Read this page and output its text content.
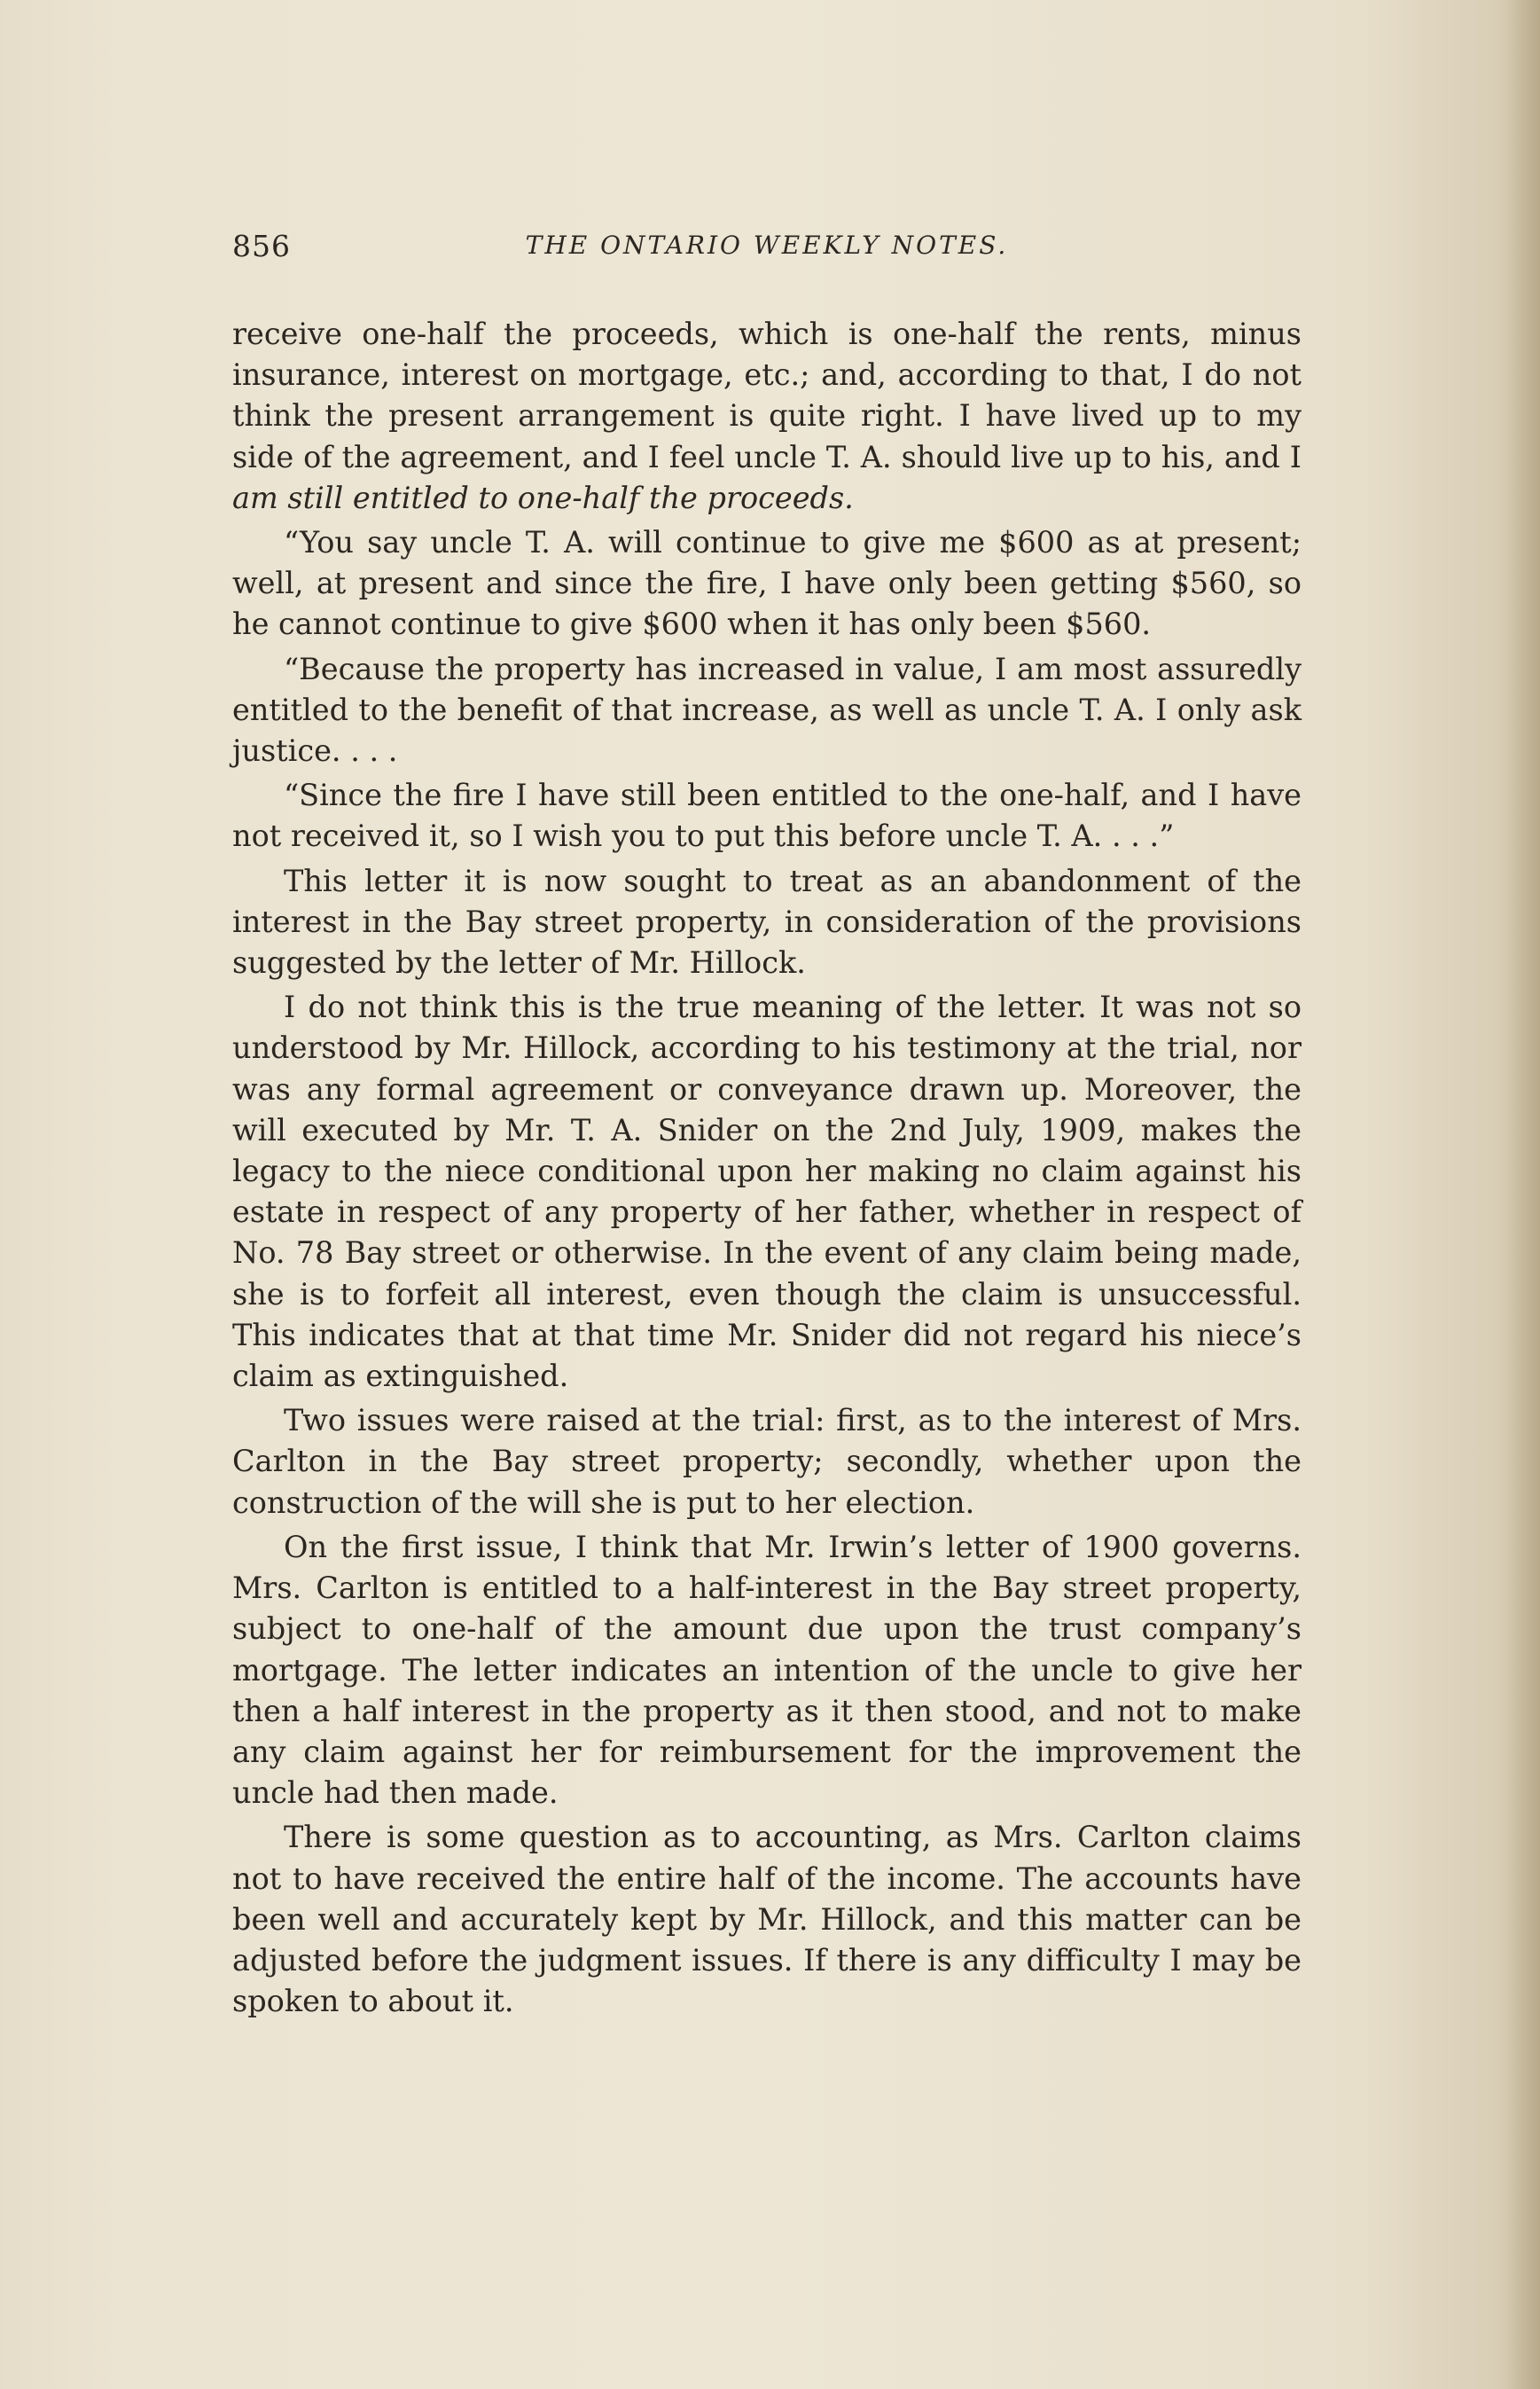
856	THE ONTARIO WEEKLY NOTES.

receive one-half the proceeds, which is one-half the rents, minus insurance, interest on mortgage, etc.; and, according to that, I do not think the present arrangement is quite right. I have lived up to my side of the agreement, and I feel uncle T. A. should live up to his, and I am still entitled to one-half the proceeds.

“You say uncle T. A. will continue to give me $600 as at present; well, at present and since the fire, I have only been getting $560, so he cannot continue to give $600 when it has only been $560.

“Because the property has increased in value, I am most assuredly entitled to the benefit of that increase, as well as uncle T. A. I only ask justice. . . .

“Since the fire I have still been entitled to the one-half, and I have not received it, so I wish you to put this before uncle T. A. . . .”

This letter it is now sought to treat as an abandonment of the interest in the Bay street property, in consideration of the provisions suggested by the letter of Mr. Hillock.

I do not think this is the true meaning of the letter. It was not so understood by Mr. Hillock, according to his testimony at the trial, nor was any formal agreement or conveyance drawn up. Moreover, the will executed by Mr. T. A. Snider on the 2nd July, 1909, makes the legacy to the niece conditional upon her making no claim against his estate in respect of any property of her father, whether in respect of No. 78 Bay street or otherwise. In the event of any claim being made, she is to forfeit all interest, even though the claim is unsuccessful. This indicates that at that time Mr. Snider did not regard his niece’s claim as extinguished.

Two issues were raised at the trial: first, as to the interest of Mrs. Carlton in the Bay street property; secondly, whether upon the construction of the will she is put to her election.

On the first issue, I think that Mr. Irwin’s letter of 1900 governs. Mrs. Carlton is entitled to a half-interest in the Bay street property, subject to one-half of the amount due upon the trust company’s mortgage. The letter indicates an intention of the uncle to give her then a half interest in the property as it then stood, and not to make any claim against her for reimbursement for the improvement the uncle had then made.

There is some question as to accounting, as Mrs. Carlton claims not to have received the entire half of the income. The accounts have been well and accurately kept by Mr. Hillock, and this matter can be adjusted before the judgment issues. If there is any difficulty I may be spoken to about it.
